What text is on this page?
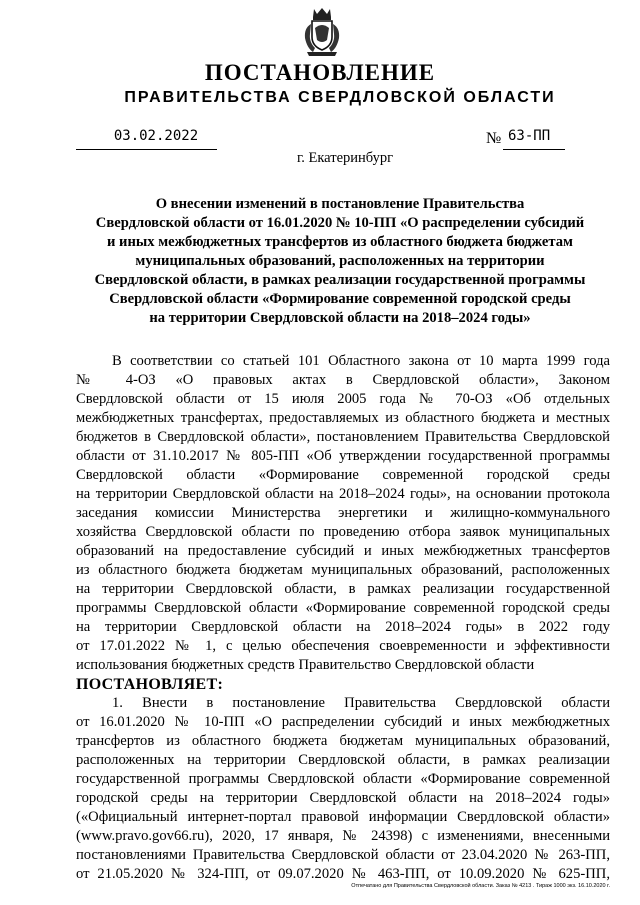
ПОСТАНОВЛЕНИЕ
ПРАВИТЕЛЬСТВА СВЕРДЛОВСКОЙ ОБЛАСТИ
03.02.2022	№ 63-ПП
г. Екатеринбург
О внесении изменений в постановление Правительства
Свердловской области от 16.01.2020 № 10-ПП «О распределении субсидий
и иных межбюджетных трансфертов из областного бюджета бюджетам
муниципальных образований, расположенных на территории
Свердловской области, в рамках реализации государственной программы
Свердловской области «Формирование современной городской среды
на территории Свердловской области на 2018–2024 годы»
В соответствии со статьей 101 Областного закона от 10 марта 1999 года
№ 4-ОЗ «О правовых актах в Свердловской области», Законом
Свердловской области от 15 июля 2005 года № 70-ОЗ «Об отдельных
межбюджетных трансфертах, предоставляемых из областного бюджета и местных
бюджетов в Свердловской области», постановлением Правительства Свердловской
области от 31.10.2017 № 805-ПП «Об утверждении государственной программы
Свердловской области «Формирование современной городской среды
на территории Свердловской области на 2018–2024 годы», на основании протокола
заседания комиссии Министерства энергетики и жилищно-коммунального
хозяйства Свердловской области по проведению отбора заявок муниципальных
образований на предоставление субсидий и иных межбюджетных трансфертов
из областного бюджета бюджетам муниципальных образований, расположенных
на территории Свердловской области, в рамках реализации государственной
программы Свердловской области «Формирование современной городской среды
на территории Свердловской области на 2018–2024 годы» в 2022 году
от 17.01.2022 № 1, с целью обеспечения своевременности и эффективности
использования бюджетных средств Правительство Свердловской области
ПОСТАНОВЛЯЕТ:
1. Внести в постановление Правительства Свердловской области
от 16.01.2020 № 10-ПП «О распределении субсидий и иных межбюджетных
трансфертов из областного бюджета бюджетам муниципальных образований,
расположенных на территории Свердловской области, в рамках реализации
государственной программы Свердловской области «Формирование современной
городской среды на территории Свердловской области на 2018–2024 годы»
(«Официальный интернет-портал правовой информации Свердловской области»
(www.pravo.gov66.ru), 2020, 17 января, № 24398) с изменениями, внесенными
постановлениями Правительства Свердловской области от 23.04.2020 № 263-ПП,
от 21.05.2020 № 324-ПП, от 09.07.2020 № 463-ПП, от 10.09.2020 № 625-ПП,
Отпечатано для Правительства Свердловской области. Заказ № 4213 . Тираж 1000 экз. 16.10.2020 г.
